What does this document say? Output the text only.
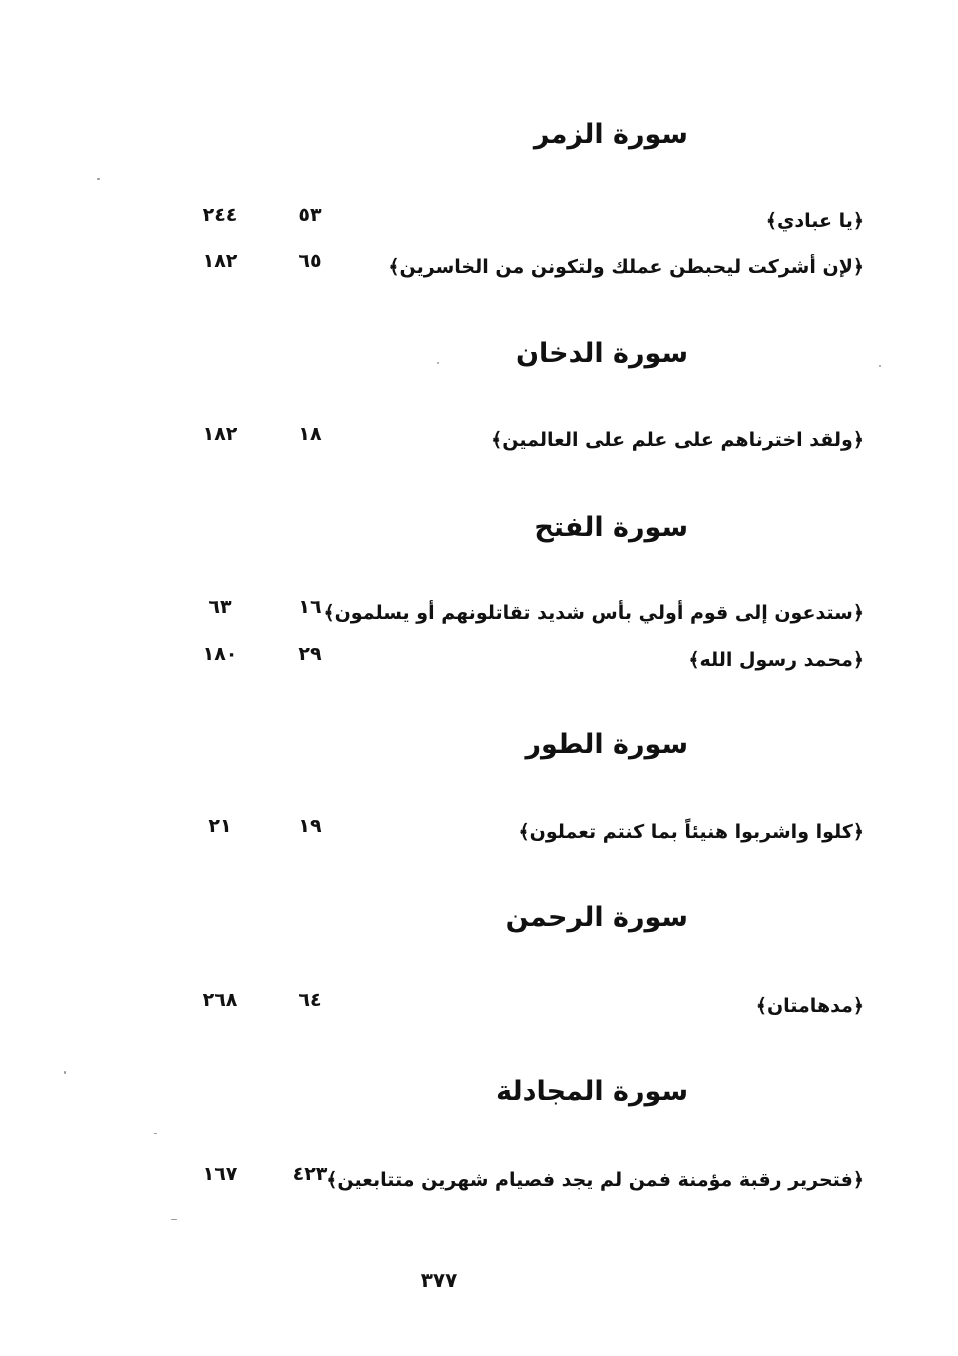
سورة الزمر
﴿يا عبادي﴾
٥٣
٢٤٤
﴿لإن أشركت ليحبطن عملك ولتكونن من الخاسرين﴾
٦٥
١٨٢
سورة الدخان
﴿ولقد اخترناهم على علم على العالمين﴾
١٨
١٨٢
سورة الفتح
﴿ستدعون إلى قوم أولي بأس شديد تقاتلونهم أو يسلمون﴾
١٦
٦٣
﴿محمد رسول الله﴾
٢٩
١٨٠
سورة الطور
﴿كلوا واشربوا هنيئاً بما كنتم تعملون﴾
١٩
٢١
سورة الرحمن
﴿مدهامتان﴾
٦٤
٢٦٨
سورة المجادلة
﴿فتحرير رقبة مؤمنة فمن لم يجد فصيام شهرين متتابعين﴾
٤٢٣
١٦٧
٣٧٧
